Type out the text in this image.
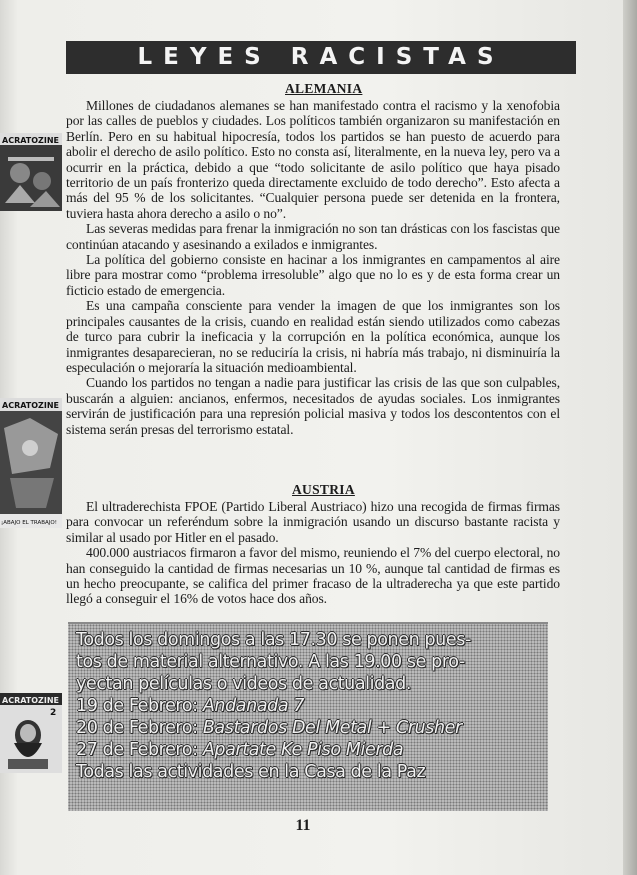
LEYES RACISTAS
ALEMANIA

Millones de ciudadanos alemanes se han manifestado contra el racismo y la xenofobia por las calles de pueblos y ciudades. Los políticos también organizaron su manifestación en Berlín. Pero en su habitual hipocresía, todos los partidos se han puesto de acuerdo para abolir el derecho de asilo político. Esto no consta así, literalmente, en la nueva ley, pero va a ocurrir en la práctica, debido a que “todo solicitante de asilo político que haya pisado territorio de un país fronterizo queda directamente excluido de todo derecho”. Esto afecta a más del 95 % de los solicitantes. “Cualquier persona puede ser detenida en la frontera, tuviera hasta ahora derecho a asilo o no”.

Las severas medidas para frenar la inmigración no son tan drásticas con los fascistas que continúan atacando y asesinando a exilados e inmigrantes.

La política del gobierno consiste en hacinar a los inmigrantes en campamentos al aire libre para mostrar como “problema irresoluble” algo que no lo es y de esta forma crear un ficticio estado de emergencia.

Es una campaña consciente para vender la imagen de que los inmigrantes son los principales causantes de la crisis, cuando en realidad están siendo utilizados como cabezas de turco para cubrir la ineficacia y la corrupción en la política económica, aunque los inmigrantes desaparecieran, no se reduciría la crisis, ni habría más trabajo, ni disminuiría la especulación o mejoraría la situación medioambiental.

Cuando los partidos no tengan a nadie para justificar las crisis de las que son culpables, buscarán a alguien: ancianos, enfermos, necesitados de ayudas sociales. Los inmigrantes servirán de justificación para una represión policial masiva y todos los descontentos con el sistema serán presas del terrorismo estatal.

AUSTRIA

El ultraderechista FPOE (Partido Liberal Austriaco) hizo una recogida de firmas firmas para convocar un referéndum sobre la inmigración usando un discurso bastante racista y similar al usado por Hitler en el pasado.

400.000 austriacos firmaron a favor del mismo, reuniendo el 7% del cuerpo electoral, no han conseguido la cantidad de firmas necesarias un 10 %, aunque tal cantidad de firmas es un hecho preocupante, se califica del primer fracaso de la ultraderecha ya que este partido llegó a conseguir el 16% de votos hace dos años.

ACRATOZINE
ACRATOZINE
¡ABAJO EL TRABAJO!
ACRATOZINE
2
Todos los domingos a las 17.30 se ponen pues-
tos de material alternativo. A las 19.00 se pro-
yectan películas o videos de actualidad.
19 de Febrero: Andanada 7
20 de Febrero: Bastardos Del Metal + Crusher
27 de Febrero: Apartate Ke Piso Mierda
Todas las actividades en la Casa de la Paz
11
